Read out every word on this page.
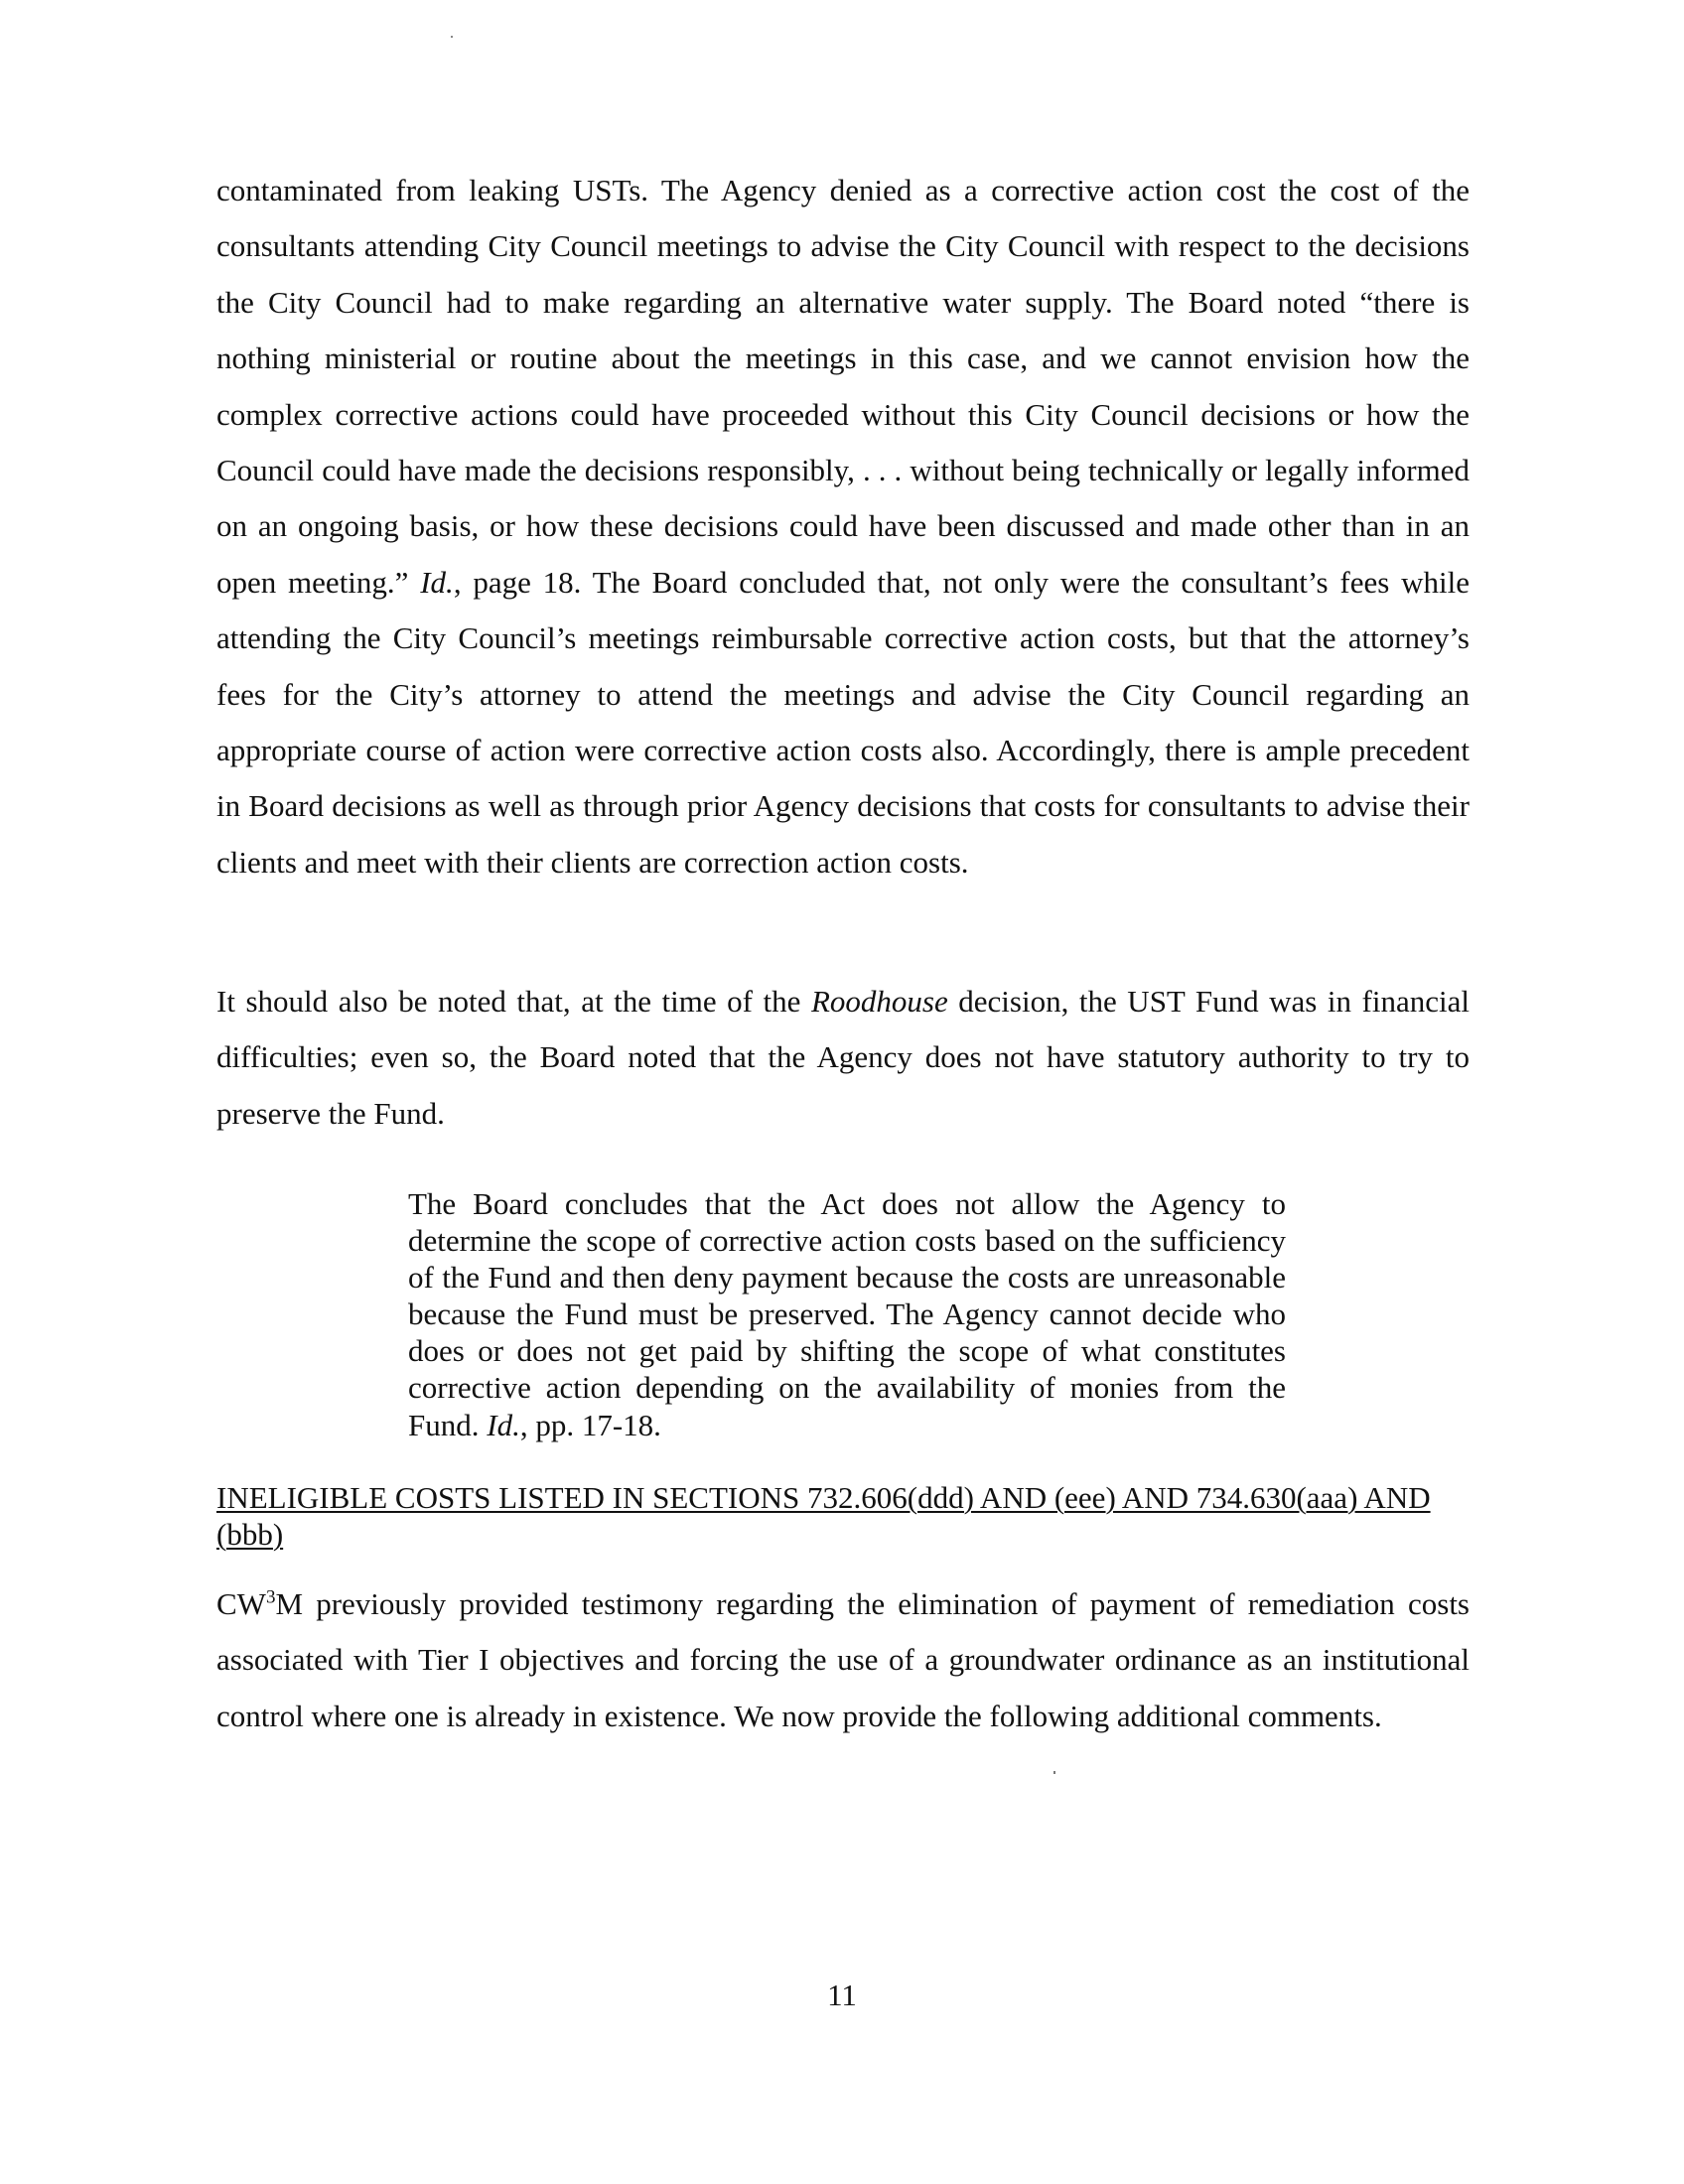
contaminated from leaking USTs. The Agency denied as a corrective action cost the cost of the consultants attending City Council meetings to advise the City Council with respect to the decisions the City Council had to make regarding an alternative water supply. The Board noted “there is nothing ministerial or routine about the meetings in this case, and we cannot envision how the complex corrective actions could have proceeded without this City Council decisions or how the Council could have made the decisions responsibly, . . . without being technically or legally informed on an ongoing basis, or how these decisions could have been discussed and made other than in an open meeting.” Id., page 18. The Board concluded that, not only were the consultant’s fees while attending the City Council’s meetings reimbursable corrective action costs, but that the attorney’s fees for the City’s attorney to attend the meetings and advise the City Council regarding an appropriate course of action were corrective action costs also. Accordingly, there is ample precedent in Board decisions as well as through prior Agency decisions that costs for consultants to advise their clients and meet with their clients are correction action costs.

It should also be noted that, at the time of the Roodhouse decision, the UST Fund was in financial difficulties; even so, the Board noted that the Agency does not have statutory authority to try to preserve the Fund.

The Board concludes that the Act does not allow the Agency to determine the scope of corrective action costs based on the sufficiency of the Fund and then deny payment because the costs are unreasonable because the Fund must be preserved. The Agency cannot decide who does or does not get paid by shifting the scope of what constitutes corrective action depending on the availability of monies from the Fund. Id., pp. 17-18.

INELIGIBLE COSTS LISTED IN SECTIONS 732.606(ddd) AND (eee) AND 734.630(aaa) AND (bbb)

$CW^3M$ previously provided testimony regarding the elimination of payment of remediation costs associated with Tier I objectives and forcing the use of a groundwater ordinance as an institutional control where one is already in existence. We now provide the following additional comments.

11
